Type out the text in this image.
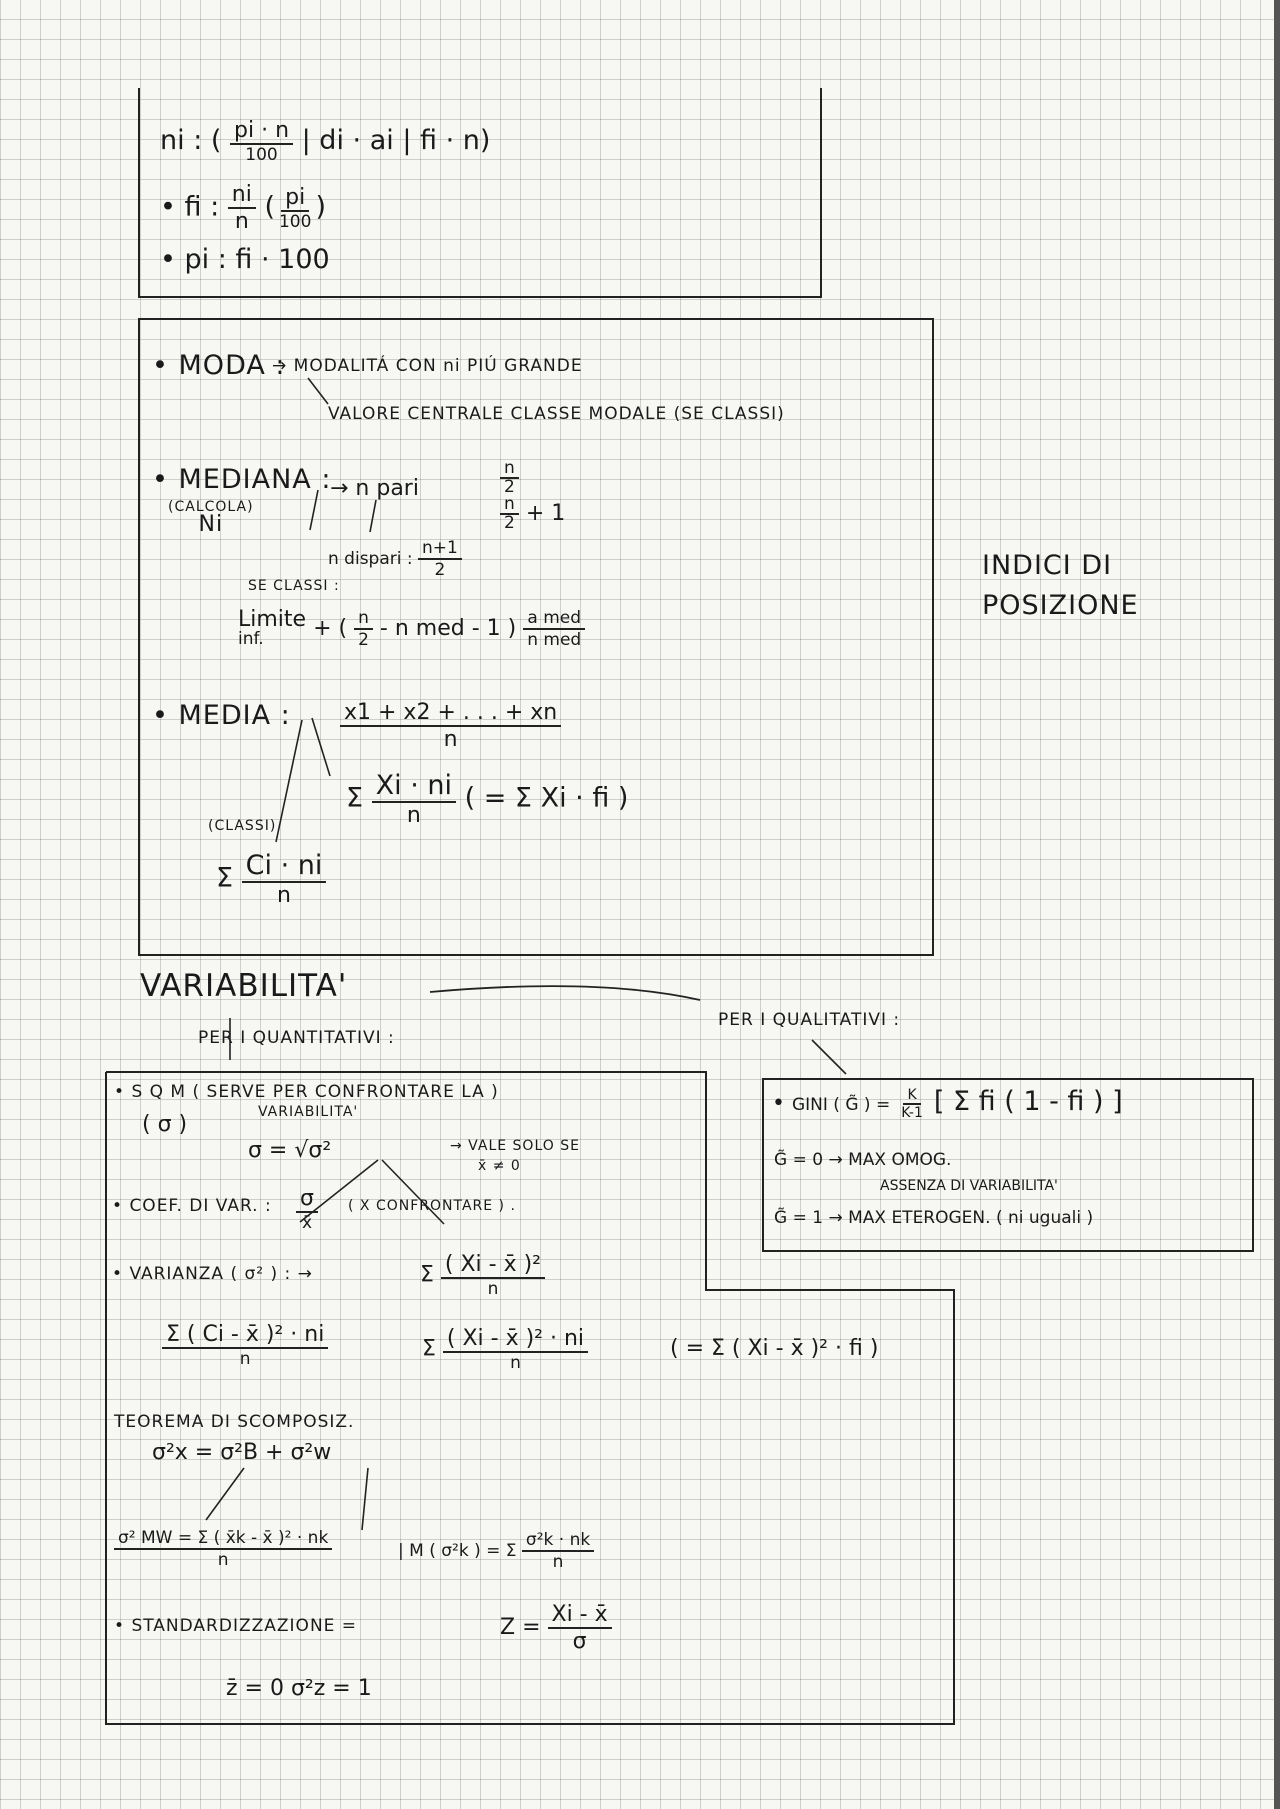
ni : ( $\frac{pi \cdot n}{100}$ | di · ai | fi · n)
• fi : $\frac{ni}{n}$ ( $\frac{pi}{100}$ )
• pi : fi · 100
• MODA :
→ MODALITÁ CON ni PIÚ GRANDE
VALORE CENTRALE CLASSE MODALE (SE CLASSI)
• MEDIANA :
(CALCOLA)
Ni
→ n pari	$\frac{n}{2}$

$\frac{n}{2} + 1$
n dispari : $\frac{n+1}{2}$
SE CLASSI :
Limite
inf. + ( $\frac{n}{2}$ - n med - 1 ) $\frac{\text{a med}}{\text{n med}}$
• MEDIA : $\frac{x1 + x2 + . . . + xn}{n}$
Σ $\frac{Xi \cdot ni}{n}$ ( = Σ Xi · fi )
(CLASSI)
Σ $\frac{Ci \cdot ni}{n}$
INDICI DI
POSIZIONE
VARIABILITA'
PER I QUANTITATIVI :
PER I QUALITATIVI :
• GINI ( G̃ ) = $\frac{K}{K-1}$ [ Σ fi ( 1 - fi ) ]
G̃ = 0 → MAX OMOG.
ASSENZA DI VARIABILITA'
G̃ = 1 → MAX ETEROGEN. ( ni uguali )
• S Q M ( SERVE PER CONFRONTARE LA )
VARIABILITA'
( σ )
σ = √σ²	→ VALE SOLO SE
x̄ ≠ 0
• COEF. DI VAR. : $\frac{\sigma}{x̄}$ ( X CONFRONTARE ) .
• VARIANZA ( σ² ) : →	Σ $\frac{\text{( Xi - x̄ )²}}{n}$
$\frac{\text{Σ ( Ci - x̄ )² · ni}}{n}$	Σ $\frac{\text{( Xi - x̄ )² · ni}}{n}$	( = Σ ( Xi - x̄ )² · fi )
TEOREMA DI SCOMPOSIZ.
σ²x = σ²B + σ²w
$\frac{\text{σ² MW = Σ ( x̄k - x̄ )² · nk}}{n}$	| M ( σ²k ) = Σ $\frac{\text{σ²k · nk}}{n}$
• STANDARDIZZAZIONE =	$Z = \frac{Xi - x̄}{\sigma}$
z̄ = 0 σ²z = 1
